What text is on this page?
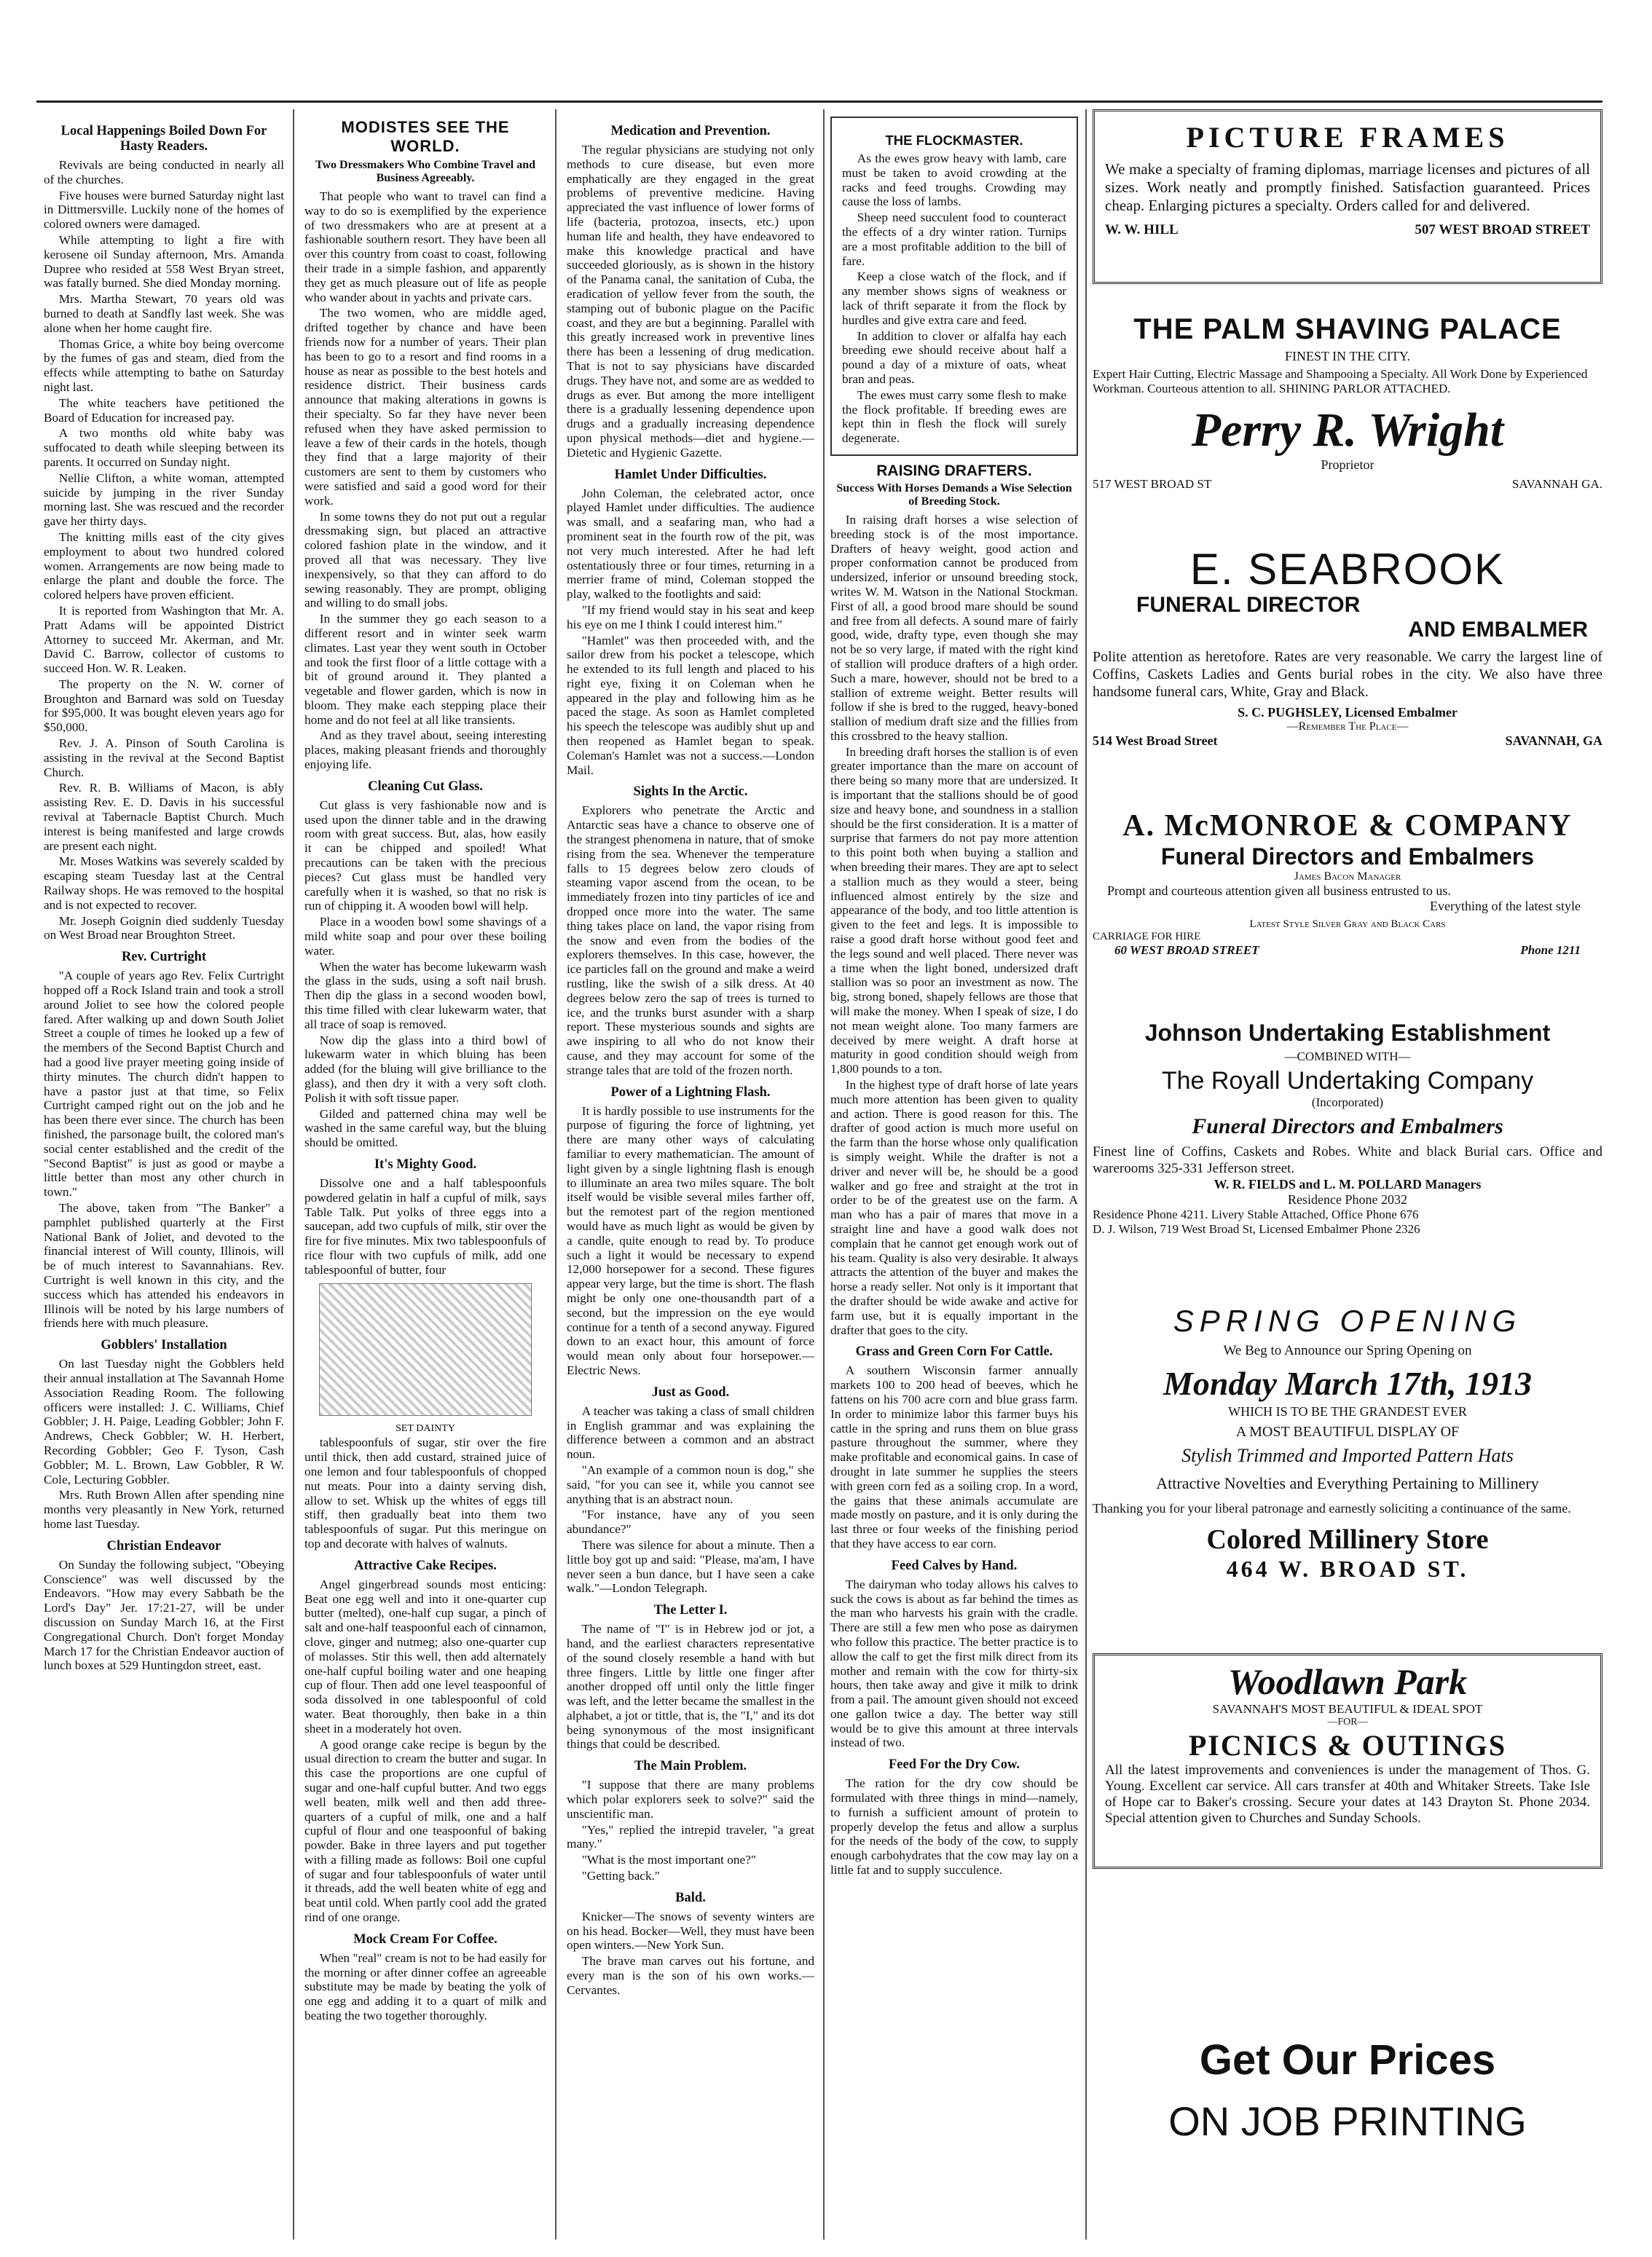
Local Happenings Boiled Down For Hasty Readers.

Revivals are being conducted in nearly all of the churches.

Five houses were burned Saturday night last in Dittmersville. Luckily none of the homes of colored owners were damaged.

While attempting to light a fire with kerosene oil Sunday afternoon, Mrs. Amanda Dupree who resided at 558 West Bryan street, was fatally burned. She died Monday morning.

Mrs. Martha Stewart, 70 years old was burned to death at Sandfly last week. She was alone when her home caught fire.

Thomas Grice, a white boy being overcome by the fumes of gas and steam, died from the effects while attempting to bathe on Saturday night last.

The white teachers have petitioned the Board of Education for increased pay.

A two months old white baby was suffocated to death while sleeping between its parents. It occurred on Sunday night.

Nellie Clifton, a white woman, attempted suicide by jumping in the river Sunday morning last. She was rescued and the recorder gave her thirty days.

The knitting mills east of the city gives employment to about two hundred colored women. Arrangements are now being made to enlarge the plant and double the force. The colored helpers have proven efficient.

It is reported from Washington that Mr. A. Pratt Adams will be appointed District Attorney to succeed Mr. Akerman, and Mr. David C. Barrow, collector of customs to succeed Hon. W. R. Leaken.

The property on the N. W. corner of Broughton and Barnard was sold on Tuesday for $95,000. It was bought eleven years ago for $50,000.

Rev. J. A. Pinson of South Carolina is assisting in the revival at the Second Baptist Church.

Rev. R. B. Williams of Macon, is ably assisting Rev. E. D. Davis in his successful revival at Tabernacle Baptist Church. Much interest is being manifested and large crowds are present each night.

Mr. Moses Watkins was severely scalded by escaping steam Tuesday last at the Central Railway shops. He was removed to the hospital and is not expected to recover.

Mr. Joseph Goignin died suddenly Tuesday on West Broad near Broughton Street.

Rev. Curtright

"A couple of years ago Rev. Felix Curtright hopped off a Rock Island train and took a stroll around Joliet to see how the colored people fared. After walking up and down South Joliet Street a couple of times he looked up a few of the members of the Second Baptist Church and had a good live prayer meeting going inside of thirty minutes. The church didn't happen to have a pastor just at that time, so Felix Curtright camped right out on the job and he has been there ever since. The church has been finished, the parsonage built, the colored man's social center established and the credit of the "Second Baptist" is just as good or maybe a little better than most any other church in town."

The above, taken from "The Banker" a pamphlet published quarterly at the First National Bank of Joliet, and devoted to the financial interest of Will county, Illinois, will be of much interest to Savannahians. Rev. Curtright is well known in this city, and the success which has attended his endeavors in Illinois will be noted by his large numbers of friends here with much pleasure.

Gobblers' Installation

On last Tuesday night the Gobblers held their annual installation at The Savannah Home Association Reading Room. The following officers were installed: J. C. Williams, Chief Gobbler; J. H. Paige, Leading Gobbler; John F. Andrews, Check Gobbler; W. H. Herbert, Recording Gobbler; Geo F. Tyson, Cash Gobbler; M. L. Brown, Law Gobbler, R W. Cole, Lecturing Gobbler.

Mrs. Ruth Brown Allen after spending nine months very pleasantly in New York, returned home last Tuesday.

Christian Endeavor

On Sunday the following subject, "Obeying Conscience" was well discussed by the Endeavors. "How may every Sabbath be the Lord's Day" Jer. 17:21-27, will be under discussion on Sunday March 16, at the First Congregational Church. Don't forget Monday March 17 for the Christian Endeavor auction of lunch boxes at 529 Huntingdon street, east.

MODISTES SEE THE WORLD.
Two Dressmakers Who Combine Travel and Business Agreeably.

That people who want to travel can find a way to do so is exemplified by the experience of two dressmakers who are at present at a fashionable southern resort. They have been all over this country from coast to coast, following their trade in a simple fashion, and apparently they get as much pleasure out of life as people who wander about in yachts and private cars.

The two women, who are middle aged, drifted together by chance and have been friends now for a number of years. Their plan has been to go to a resort and find rooms in a house as near as possible to the best hotels and residence district. Their business cards announce that making alterations in gowns is their specialty. So far they have never been refused when they have asked permission to leave a few of their cards in the hotels, though they find that a large majority of their customers are sent to them by customers who were satisfied and said a good word for their work.

In some towns they do not put out a regular dressmaking sign, but placed an attractive colored fashion plate in the window, and it proved all that was necessary. They live inexpensively, so that they can afford to do sewing reasonably. They are prompt, obliging and willing to do small jobs.

In the summer they go each season to a different resort and in winter seek warm climates. Last year they went south in October and took the first floor of a little cottage with a bit of ground around it. They planted a vegetable and flower garden, which is now in bloom. They make each stepping place their home and do not feel at all like transients.

And as they travel about, seeing interesting places, making pleasant friends and thoroughly enjoying life.

Cleaning Cut Glass.

Cut glass is very fashionable now and is used upon the dinner table and in the drawing room with great success. But, alas, how easily it can be chipped and spoiled! What precautions can be taken with the precious pieces? Cut glass must be handled very carefully when it is washed, so that no risk is run of chipping it. A wooden bowl will help.

Place in a wooden bowl some shavings of a mild white soap and pour over these boiling water.

When the water has become lukewarm wash the glass in the suds, using a soft nail brush. Then dip the glass in a second wooden bowl, this time filled with clear lukewarm water, that all trace of soap is removed.

Now dip the glass into a third bowl of lukewarm water in which bluing has been added (for the bluing will give brilliance to the glass), and then dry it with a very soft cloth. Polish it with soft tissue paper.

Gilded and patterned china may well be washed in the same careful way, but the bluing should be omitted.

It's Mighty Good.

Dissolve one and a half tablespoonfuls powdered gelatin in half a cupful of milk, says Table Talk. Put yolks of three eggs into a saucepan, add two cupfuls of milk, stir over the fire for five minutes. Mix two tablespoonfuls of rice flour with two cupfuls of milk, add one tablespoonful of butter, four

SET DAINTY

tablespoonfuls of sugar, stir over the fire until thick, then add custard, strained juice of one lemon and four tablespoonfuls of chopped nut meats. Pour into a dainty serving dish, allow to set. Whisk up the whites of eggs till stiff, then gradually beat into them two tablespoonfuls of sugar. Put this meringue on top and decorate with halves of walnuts.

Attractive Cake Recipes.

Angel gingerbread sounds most enticing: Beat one egg well and into it one-quarter cup butter (melted), one-half cup sugar, a pinch of salt and one-half teaspoonful each of cinnamon, clove, ginger and nutmeg; also one-quarter cup of molasses. Stir this well, then add alternately one-half cupful boiling water and one heaping cup of flour. Then add one level teaspoonful of soda dissolved in one tablespoonful of cold water. Beat thoroughly, then bake in a thin sheet in a moderately hot oven.

A good orange cake recipe is begun by the usual direction to cream the butter and sugar. In this case the proportions are one cupful of sugar and one-half cupful butter. And two eggs well beaten, milk well and then add three-quarters of a cupful of milk, one and a half cupful of flour and one teaspoonful of baking powder. Bake in three layers and put together with a filling made as follows: Boil one cupful of sugar and four tablespoonfuls of water until it threads, add the well beaten white of egg and beat until cold. When partly cool add the grated rind of one orange.

Mock Cream For Coffee.

When "real" cream is not to be had easily for the morning or after dinner coffee an agreeable substitute may be made by beating the yolk of one egg and adding it to a quart of milk and beating the two together thoroughly.

Medication and Prevention.

The regular physicians are studying not only methods to cure disease, but even more emphatically are they engaged in the great problems of preventive medicine. Having appreciated the vast influence of lower forms of life (bacteria, protozoa, insects, etc.) upon human life and health, they have endeavored to make this knowledge practical and have succeeded gloriously, as is shown in the history of the Panama canal, the sanitation of Cuba, the eradication of yellow fever from the south, the stamping out of bubonic plague on the Pacific coast, and they are but a beginning. Parallel with this greatly increased work in preventive lines there has been a lessening of drug medication. That is not to say physicians have discarded drugs. They have not, and some are as wedded to drugs as ever. But among the more intelligent there is a gradually lessening dependence upon drugs and a gradually increasing dependence upon physical methods—diet and hygiene.—Dietetic and Hygienic Gazette.

Hamlet Under Difficulties.

John Coleman, the celebrated actor, once played Hamlet under difficulties. The audience was small, and a seafaring man, who had a prominent seat in the fourth row of the pit, was not very much interested. After he had left ostentatiously three or four times, returning in a merrier frame of mind, Coleman stopped the play, walked to the footlights and said:

"If my friend would stay in his seat and keep his eye on me I think I could interest him."

"Hamlet" was then proceeded with, and the sailor drew from his pocket a telescope, which he extended to its full length and placed to his right eye, fixing it on Coleman when he appeared in the play and following him as he paced the stage. As soon as Hamlet completed his speech the telescope was audibly shut up and then reopened as Hamlet began to speak. Coleman's Hamlet was not a success.—London Mail.

Sights In the Arctic.

Explorers who penetrate the Arctic and Antarctic seas have a chance to observe one of the strangest phenomena in nature, that of smoke rising from the sea. Whenever the temperature falls to 15 degrees below zero clouds of steaming vapor ascend from the ocean, to be immediately frozen into tiny particles of ice and dropped once more into the water. The same thing takes place on land, the vapor rising from the snow and even from the bodies of the explorers themselves. In this case, however, the ice particles fall on the ground and make a weird rustling, like the swish of a silk dress. At 40 degrees below zero the sap of trees is turned to ice, and the trunks burst asunder with a sharp report. These mysterious sounds and sights are awe inspiring to all who do not know their cause, and they may account for some of the strange tales that are told of the frozen north.

Power of a Lightning Flash.

It is hardly possible to use instruments for the purpose of figuring the force of lightning, yet there are many other ways of calculating familiar to every mathematician. The amount of light given by a single lightning flash is enough to illuminate an area two miles square. The bolt itself would be visible several miles farther off, but the remotest part of the region mentioned would have as much light as would be given by a candle, quite enough to read by. To produce such a light it would be necessary to expend 12,000 horsepower for a second. These figures appear very large, but the time is short. The flash might be only one one-thousandth part of a second, but the impression on the eye would continue for a tenth of a second anyway. Figured down to an exact hour, this amount of force would mean only about four horsepower.—Electric News.

Just as Good.

A teacher was taking a class of small children in English grammar and was explaining the difference between a common and an abstract noun.

"An example of a common noun is dog," she said, "for you can see it, while you cannot see anything that is an abstract noun.

"For instance, have any of you seen abundance?"

There was silence for about a minute. Then a little boy got up and said: "Please, ma'am, I have never seen a bun dance, but I have seen a cake walk."—London Telegraph.

The Letter I.

The name of "I" is in Hebrew jod or jot, a hand, and the earliest characters representative of the sound closely resemble a hand with but three fingers. Little by little one finger after another dropped off until only the little finger was left, and the letter became the smallest in the alphabet, a jot or tittle, that is, the "I," and its dot being synonymous of the most insignificant things that could be described.

The Main Problem.

"I suppose that there are many problems which polar explorers seek to solve?" said the unscientific man.

"Yes," replied the intrepid traveler, "a great many."

"What is the most important one?"

"Getting back."

Bald.

Knicker—The snows of seventy winters are on his head. Bocker—Well, they must have been open winters.—New York Sun.

The brave man carves out his fortune, and every man is the son of his own works.—Cervantes.

THE FLOCKMASTER.

As the ewes grow heavy with lamb, care must be taken to avoid crowding at the racks and feed troughs. Crowding may cause the loss of lambs.

Sheep need succulent food to counteract the effects of a dry winter ration. Turnips are a most profitable addition to the bill of fare.

Keep a close watch of the flock, and if any member shows signs of weakness or lack of thrift separate it from the flock by hurdles and give extra care and feed.

In addition to clover or alfalfa hay each breeding ewe should receive about half a pound a day of a mixture of oats, wheat bran and peas.

The ewes must carry some flesh to make the flock profitable. If breeding ewes are kept thin in flesh the flock will surely degenerate.

RAISING DRAFTERS.
Success With Horses Demands a Wise Selection of Breeding Stock.

In raising draft horses a wise selection of breeding stock is of the most importance. Drafters of heavy weight, good action and proper conformation cannot be produced from undersized, inferior or unsound breeding stock, writes W. M. Watson in the National Stockman. First of all, a good brood mare should be sound and free from all defects. A sound mare of fairly good, wide, drafty type, even though she may not be so very large, if mated with the right kind of stallion will produce drafters of a high order. Such a mare, however, should not be bred to a stallion of extreme weight. Better results will follow if she is bred to the rugged, heavy-boned stallion of medium draft size and the fillies from this crossbred to the heavy stallion.

In breeding draft horses the stallion is of even greater importance than the mare on account of there being so many more that are undersized. It is important that the stallions should be of good size and heavy bone, and soundness in a stallion should be the first consideration. It is a matter of surprise that farmers do not pay more attention to this point both when buying a stallion and when breeding their mares. They are apt to select a stallion much as they would a steer, being influenced almost entirely by the size and appearance of the body, and too little attention is given to the feet and legs. It is impossible to raise a good draft horse without good feet and the legs sound and well placed. There never was a time when the light boned, undersized draft stallion was so poor an investment as now. The big, strong boned, shapely fellows are those that will make the money. When I speak of size, I do not mean weight alone. Too many farmers are deceived by mere weight. A draft horse at maturity in good condition should weigh from 1,800 pounds to a ton.

In the highest type of draft horse of late years much more attention has been given to quality and action. There is good reason for this. The drafter of good action is much more useful on the farm than the horse whose only qualification is simply weight. While the drafter is not a driver and never will be, he should be a good walker and go free and straight at the trot in order to be of the greatest use on the farm. A man who has a pair of mares that move in a straight line and have a good walk does not complain that he cannot get enough work out of his team. Quality is also very desirable. It always attracts the attention of the buyer and makes the horse a ready seller. Not only is it important that the drafter should be wide awake and active for farm use, but it is equally important in the drafter that goes to the city.

Grass and Green Corn For Cattle.

A southern Wisconsin farmer annually markets 100 to 200 head of beeves, which he fattens on his 700 acre corn and blue grass farm. In order to minimize labor this farmer buys his cattle in the spring and runs them on blue grass pasture throughout the summer, where they make profitable and economical gains. In case of drought in late summer he supplies the steers with green corn fed as a soiling crop. In a word, the gains that these animals accumulate are made mostly on pasture, and it is only during the last three or four weeks of the finishing period that they have access to ear corn.

Feed Calves by Hand.

The dairyman who today allows his calves to suck the cows is about as far behind the times as the man who harvests his grain with the cradle. There are still a few men who pose as dairymen who follow this practice. The better practice is to allow the calf to get the first milk direct from its mother and remain with the cow for thirty-six hours, then take away and give it milk to drink from a pail. The amount given should not exceed one gallon twice a day. The better way still would be to give this amount at three intervals instead of two.

Feed For the Dry Cow.

The ration for the dry cow should be formulated with three things in mind—namely, to furnish a sufficient amount of protein to properly develop the fetus and allow a surplus for the needs of the body of the cow, to supply enough carbohydrates that the cow may lay on a little fat and to supply succulence.

PICTURE FRAMES
We make a specialty of framing diplomas, marriage licenses and pictures of all sizes. Work neatly and promptly finished. Satisfaction guaranteed. Prices cheap. Enlarging pictures a specialty. Orders called for and delivered.
W. W. HILL	507 WEST BROAD STREET
THE PALM SHAVING PALACE
FINEST IN THE CITY.
Expert Hair Cutting, Electric Massage and Shampooing a Specialty. All Work Done by Experienced Workman. Courteous attention to all. SHINING PARLOR ATTACHED.
Perry R. Wright
Proprietor
517 WEST BROAD ST	SAVANNAH GA.
E. SEABROOK
FUNERAL DIRECTOR
AND EMBALMER
Polite attention as heretofore. Rates are very reasonable. We carry the largest line of Coffins, Caskets Ladies and Gents burial robes in the city. We also have three handsome funeral cars, White, Gray and Black.
S. C. PUGHSLEY, Licensed Embalmer
—Remember The Place—
514 West Broad Street	SAVANNAH, GA
A. McMONROE & COMPANY
Funeral Directors and Embalmers
James Bacon Manager
Prompt and courteous attention given all business entrusted to us.
Everything of the latest style
Latest Style Silver Gray and Black Cars
CARRIAGE FOR HIRE
60 WEST BROAD STREET	Phone 1211
Johnson Undertaking Establishment
—COMBINED WITH—
The Royall Undertaking Company
(Incorporated)
Funeral Directors and Embalmers
Finest line of Coffins, Caskets and Robes. White and black Burial cars. Office and warerooms 325-331 Jefferson street.
W. R. FIELDS and L. M. POLLARD Managers
Residence Phone 2032
Residence Phone 4211. Livery Stable Attached, Office Phone 676
D. J. Wilson, 719 West Broad St, Licensed Embalmer Phone 2326
SPRING OPENING
We Beg to Announce our Spring Opening on
Monday March 17th, 1913
WHICH IS TO BE THE GRANDEST EVER
A MOST BEAUTIFUL DISPLAY OF
Stylish Trimmed and Imported Pattern Hats
Attractive Novelties and Everything Pertaining to Millinery
Thanking you for your liberal patronage and earnestly soliciting a continuance of the same.
Colored Millinery Store
464 W. BROAD ST.
Woodlawn Park
SAVANNAH'S MOST BEAUTIFUL & IDEAL SPOT
—FOR—
PICNICS & OUTINGS
All the latest improvements and conveniences is under the management of Thos. G. Young. Excellent car service. All cars transfer at 40th and Whitaker Streets. Take Isle of Hope car to Baker's crossing. Secure your dates at 143 Drayton St. Phone 2034. Special attention given to Churches and Sunday Schools.
Get Our Prices
ON JOB PRINTING
